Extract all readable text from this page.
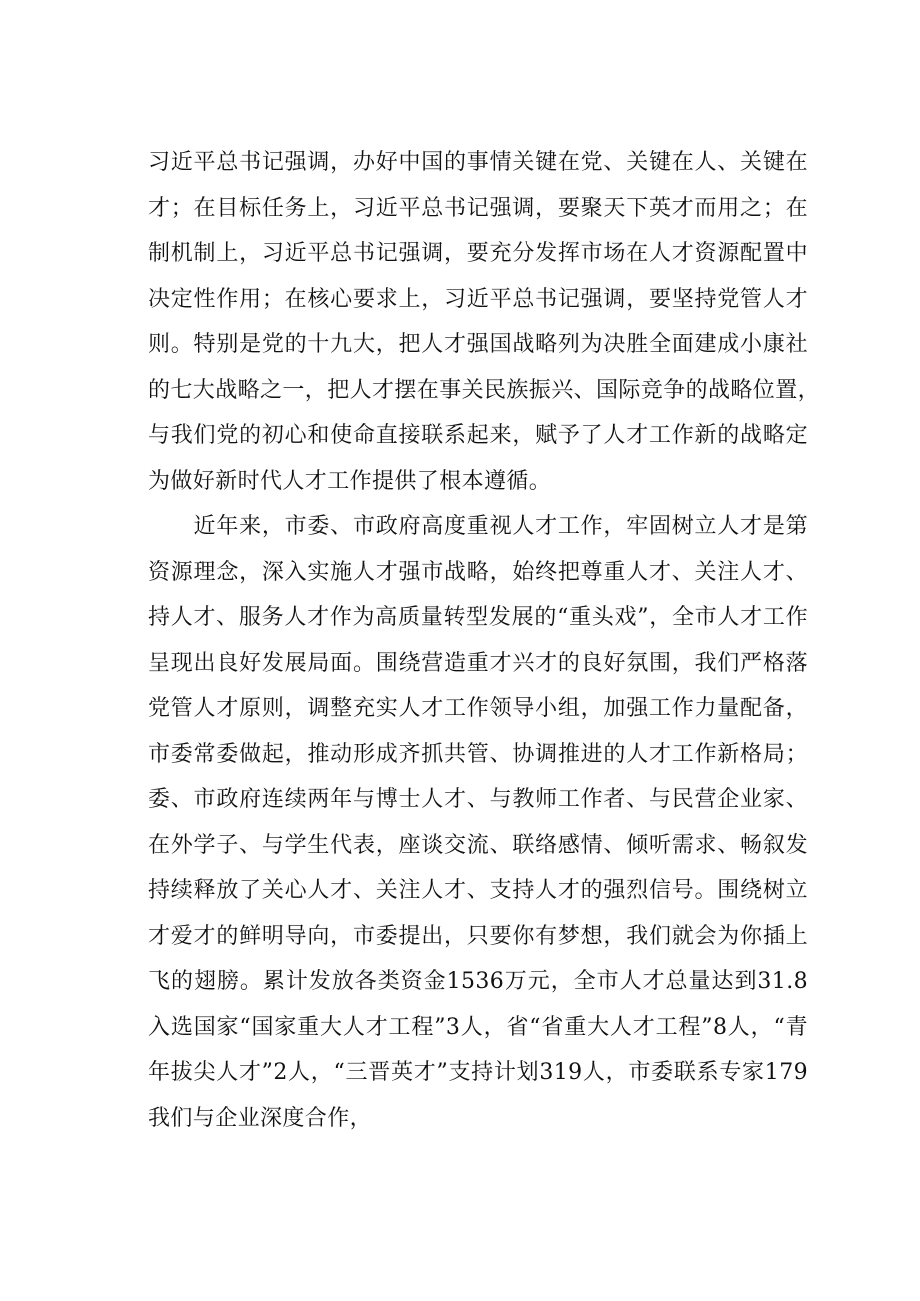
习近平总书记强调，办好中国的事情关键在党、关键在人、关键在
才；在目标任务上，习近平总书记强调，要聚天下英才而用之；在
制机制上，习近平总书记强调，要充分发挥市场在人才资源配置中
决定性作用；在核心要求上，习近平总书记强调，要坚持党管人才
则。特别是党的十九大，把人才强国战略列为决胜全面建成小康社
的七大战略之一，把人才摆在事关民族振兴、国际竞争的战略位置，
与我们党的初心和使命直接联系起来，赋予了人才工作新的战略定
为做好新时代人才工作提供了根本遵循。
　　近年来，市委、市政府高度重视人才工作，牢固树立人才是第
资源理念，深入实施人才强市战略，始终把尊重人才、关注人才、
持人才、服务人才作为高质量转型发展的“重头戏”，全市人才工作
呈现出良好发展局面。围绕营造重才兴才的良好氛围，我们严格落
党管人才原则，调整充实人才工作领导小组，加强工作力量配备，
市委常委做起，推动形成齐抓共管、协调推进的人才工作新格局；
委、市政府连续两年与博士人才、与教师工作者、与民营企业家、
在外学子、与学生代表，座谈交流、联络感情、倾听需求、畅叙发
持续释放了关心人才、关注人才、支持人才的强烈信号。围绕树立
才爱才的鲜明导向，市委提出，只要你有梦想，我们就会为你插上
飞的翅膀。累计发放各类资金1536万元，全市人才总量达到31.8
入选国家“国家重大人才工程”3人，省“省重大人才工程”8人，“青
年拔尖人才”2人，“三晋英才”支持计划319人，市委联系专家179
我们与企业深度合作，
